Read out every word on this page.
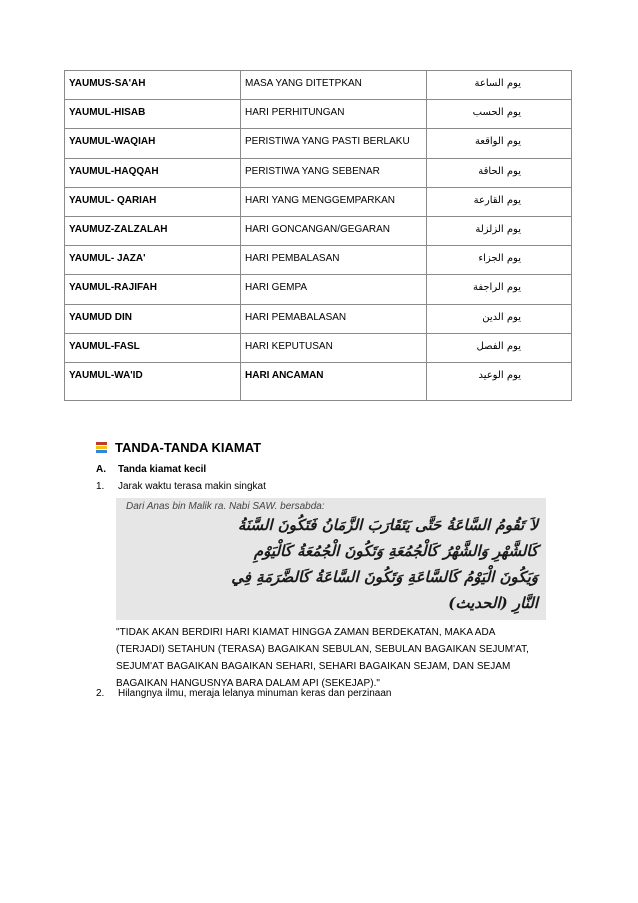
YAUMUS-SA'AH	MASA YANG DITETPKAN	يوم الساعة
YAUMUL-HISAB	HARI PERHITUNGAN	يوم الحسب
YAUMUL-WAQIAH	PERISTIWA YANG PASTI BERLAKU	يوم الواقعة
YAUMUL-HAQQAH	PERISTIWA YANG SEBENAR	يوم الحاقة
YAUMUL- QARIAH	HARI YANG MENGGEMPARKAN	يوم القارعة
YAUMUZ-ZALZALAH	HARI GONCANGAN/GEGARAN	يوم الزلزلة
YAUMUL- JAZA'	HARI PEMBALASAN	يوم الجزاء
YAUMUL-RAJIFAH	HARI GEMPA	يوم الراجفة
YAUMUD DIN	HARI PEMABALASAN	يوم الدين
YAUMUL-FASL	HARI KEPUTUSAN	يوم الفصل
YAUMUL-WA'ID	HARI ANCAMAN	يوم الوعيد
TANDA-TANDA KIAMAT
A. Tanda kiamat kecil
1. Jarak waktu terasa makin singkat
Dari Anas bin Malik ra. Nabi SAW. bersabda:
لاَ تَقُومُ السَّاعَةُ حَتَّى يَتَقَارَبَ الزَّمَانُ فَتَكُونَ السَّنَةُ
كَالشَّهْرِ وَالشَّهْرُ كَالْجُمُعَةِ وَتَكُونَ الْجُمُعَةُ كَالْيَوْمِ
وَيَكُونَ الْيَوْمُ كَالسَّاعَةِ وَتَكُونَ السَّاعَةُ كَالضَّرَمَةِ فِي
النَّارِ (الحديث)

"TIDAK AKAN BERDIRI HARI KIAMAT HINGGA ZAMAN BERDEKATAN, MAKA ADA

(TERJADI) SETAHUN (TERASA) BAGAIKAN SEBULAN, SEBULAN BAGAIKAN SEJUM'AT,

SEJUM'AT BAGAIKAN BAGAIKAN SEHARI, SEHARI BAGAIKAN SEJAM, DAN SEJAM

BAGAIKAN HANGUSNYA BARA DALAM API (SEKEJAP)."

2. Hilangnya ilmu, meraja lelanya minuman keras dan perzinaan
